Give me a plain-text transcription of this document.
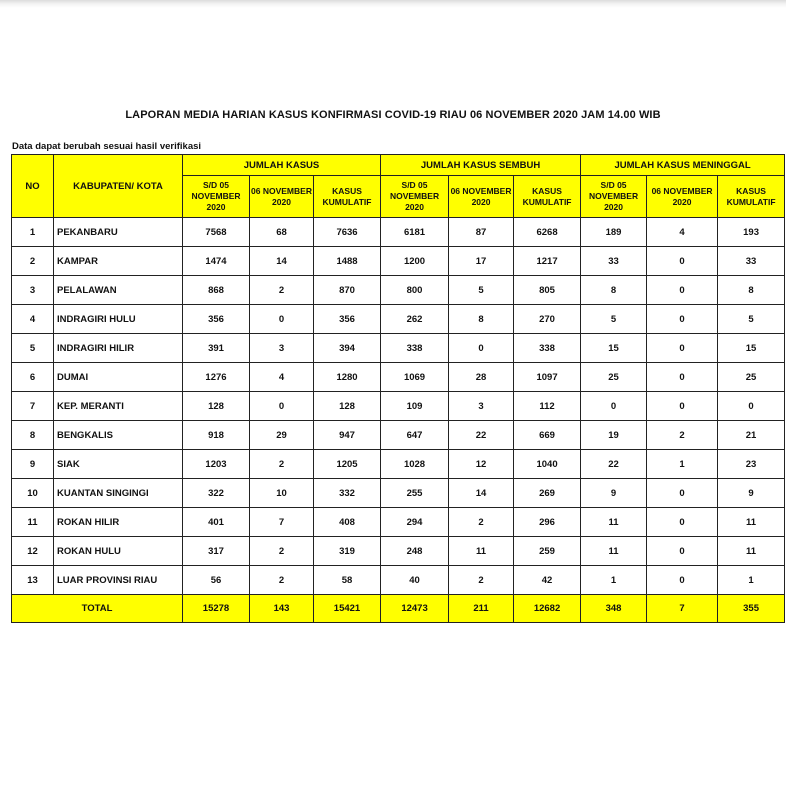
LAPORAN MEDIA HARIAN KASUS KONFIRMASI COVID-19 RIAU 06 NOVEMBER 2020 JAM 14.00 WIB
Data dapat berubah sesuai hasil verifikasi
NO	KABUPATEN/ KOTA	JUMLAH KASUS			JUMLAH KASUS SEMBUH			JUMLAH KASUS MENINGGAL		
		S/D 05 NOVEMBER 2020	06 NOVEMBER 2020	KASUS KUMULATIF	S/D 05 NOVEMBER 2020	06 NOVEMBER 2020	KASUS KUMULATIF	S/D 05 NOVEMBER 2020	06 NOVEMBER 2020	KASUS KUMULATIF
1	PEKANBARU	7568	68	7636	6181	87	6268	189	4	193
2	KAMPAR	1474	14	1488	1200	17	1217	33	0	33
3	PELALAWAN	868	2	870	800	5	805	8	0	8
4	INDRAGIRI HULU	356	0	356	262	8	270	5	0	5
5	INDRAGIRI HILIR	391	3	394	338	0	338	15	0	15
6	DUMAI	1276	4	1280	1069	28	1097	25	0	25
7	KEP. MERANTI	128	0	128	109	3	112	0	0	0
8	BENGKALIS	918	29	947	647	22	669	19	2	21
9	SIAK	1203	2	1205	1028	12	1040	22	1	23
10	KUANTAN SINGINGI	322	10	332	255	14	269	9	0	9
11	ROKAN HILIR	401	7	408	294	2	296	11	0	11
12	ROKAN HULU	317	2	319	248	11	259	11	0	11
13	LUAR PROVINSI RIAU	56	2	58	40	2	42	1	0	1
TOTAL		15278	143	15421	12473	211	12682	348	7	355
